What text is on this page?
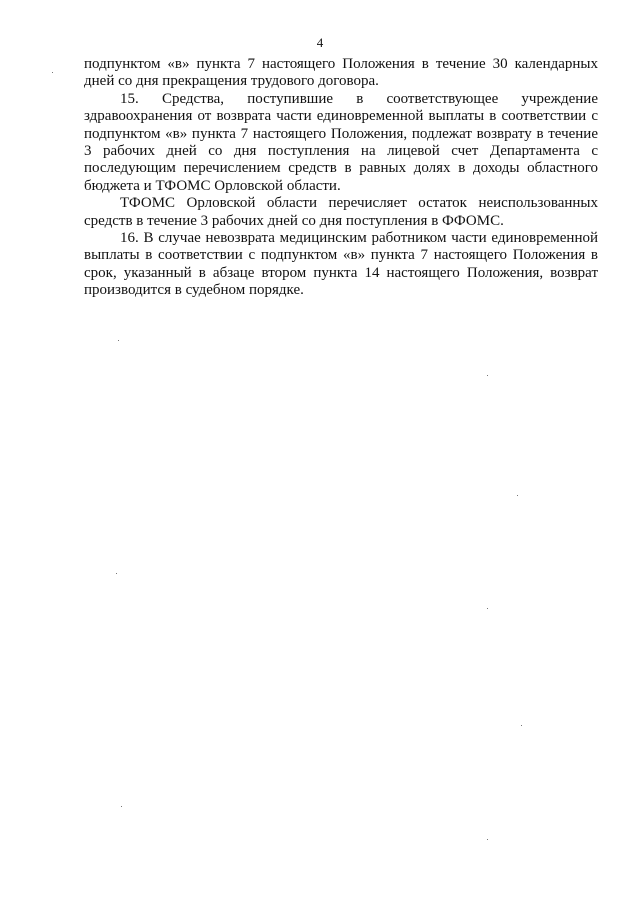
4

подпунктом «в» пункта 7 настоящего Положения в течение 30 календарных дней со дня прекращения трудового договора.

15. Средства, поступившие в соответствующее учреждение здравоохранения от возврата части единовременной выплаты в соответствии с подпунктом «в» пункта 7 настоящего Положения, подлежат возврату в течение 3 рабочих дней со дня поступления на лицевой счет Департамента с последующим перечислением средств в равных долях в доходы областного бюджета и ТФОМС Орловской области.

ТФОМС Орловской области перечисляет остаток неиспользованных средств в течение 3 рабочих дней со дня поступления в ФФОМС.

16. В случае невозврата медицинским работником части единовременной выплаты в соответствии с подпунктом «в» пункта 7 настоящего Положения в срок, указанный в абзаце втором пункта 14 настоящего Положения, возврат производится в судебном порядке.
